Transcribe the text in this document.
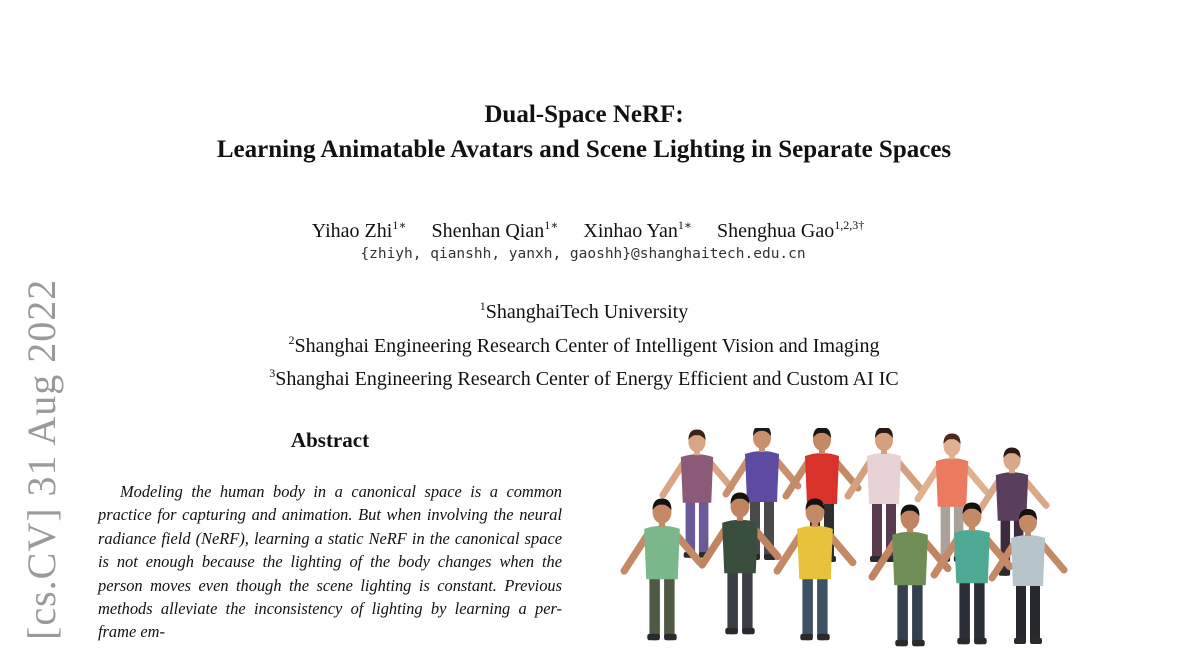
[cs.CV] 31 Aug 2022
Dual-Space NeRF:
Learning Animatable Avatars and Scene Lighting in Separate Spaces
Yihao Zhi$^{1∗}$ Shenhan Qian$^{1∗}$ Xinhao Yan$^{1∗}$ Shenghua Gao$^{1,2,3\dagger}$
{zhiyh, qianshh, yanxh, gaoshh}@shanghaitech.edu.cn
$^1$ShanghaiTech University
$^2$Shanghai Engineering Research Center of Intelligent Vision and Imaging
$^3$Shanghai Engineering Research Center of Energy Efficient and Custom AI IC
Abstract
Modeling the human body in a canonical space is a common practice for capturing and animation. But when involving the neural radiance field (NeRF), learning a static NeRF in the canonical space is not enough because the lighting of the body changes when the person moves even though the scene lighting is constant. Previous methods alleviate the inconsistency of lighting by learning a per-frame em-
